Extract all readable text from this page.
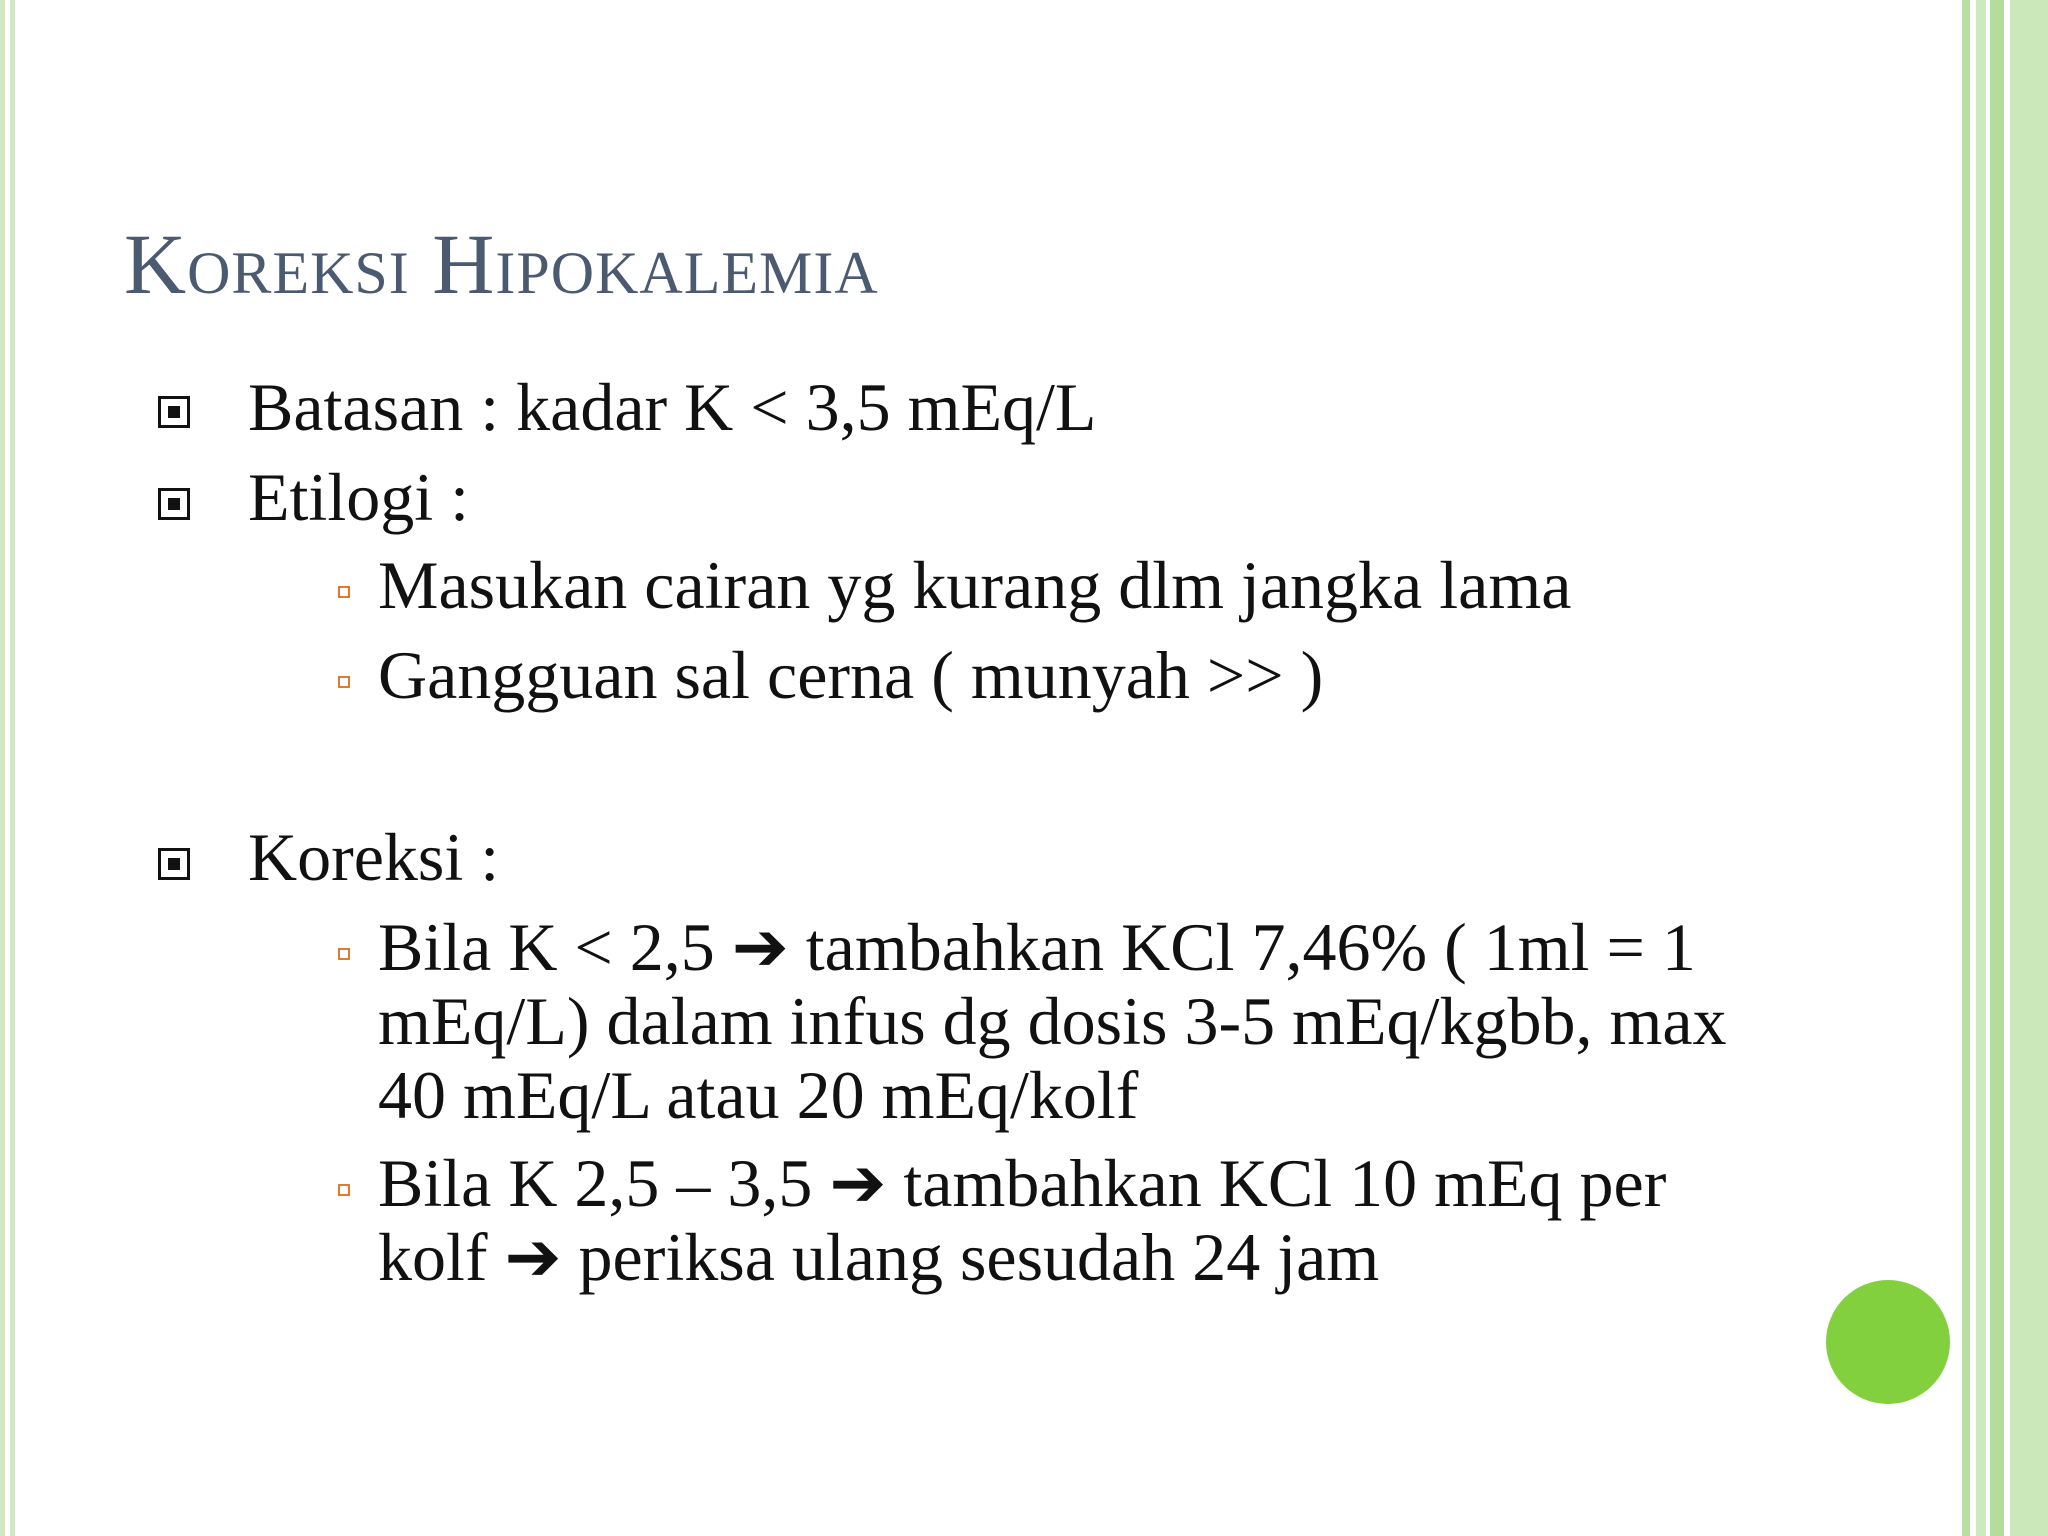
Koreksi Hipokalemia
Batasan : kadar K < 3,5 mEq/L
Etilogi :
Masukan cairan yg kurang dlm jangka lama
Gangguan sal cerna ( munyah >> )
Koreksi :
Bila K < 2,5 ➔ tambahkan KCl 7,46% ( 1ml = 1
mEq/L) dalam infus dg dosis 3-5 mEq/kgbb, max
40 mEq/L atau 20 mEq/kolf
Bila K 2,5 – 3,5 ➔ tambahkan KCl 10 mEq per
kolf ➔ periksa ulang sesudah 24 jam
